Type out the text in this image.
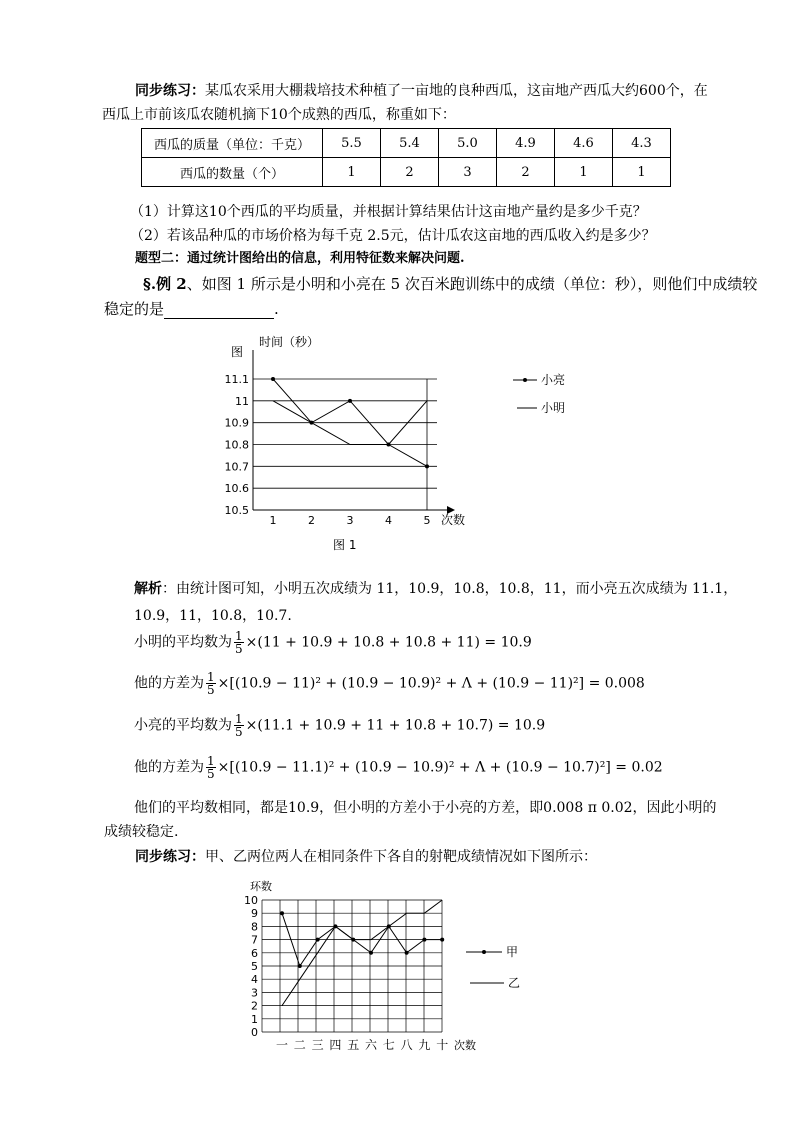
同步练习：某瓜农采用大棚栽培技术种植了一亩地的良种西瓜，这亩地产西瓜大约600个，在
西瓜上市前该瓜农随机摘下10个成熟的西瓜，称重如下：
西瓜的质量（单位：千克）	5.5	5.4	5.0	4.9	4.6	4.3
西瓜的数量（个）	1	2	3	2	1	1
（1）计算这10个西瓜的平均质量，并根据计算结果估计这亩地产量约是多少千克？
（2）若该品种瓜的市场价格为每千克 2.5元，估计瓜农这亩地的西瓜收入约是多少？
题型二：通过统计图给出的信息，利用特征数来解决问题.
§.例 2、如图 1 所示是小明和小亮在 5 次百米跑训练中的成绩（单位：秒），则他们中成绩较
稳定的是	.
图
时间（秒）
10.5
10.6
10.7
10.8
10.9
11
11.1
1	2	3	4	5 次数
图 1
小亮
小明
解析：由统计图可知，小明五次成绩为 11，10.9，10.8，10.8，11，而小亮五次成绩为 11.1，
10.9，11，10.8，10.7.
小明的平均数为 $\frac{1}{5} \times(11 + 10.9 + 10.8 + 10.8 + 11) = 10.9$
他的方差为 $\frac{1}{5} \times[(10.9 - 11)^2 + (10.9 - 10.9)^2 + \Lambda + (10.9 - 11)^2] = 0.008$
小亮的平均数为 $\frac{1}{5} \times(11.1 + 10.9 + 11 + 10.8 + 10.7) = 10.9$
他的方差为 $\frac{1}{5} \times[(10.9 - 11.1)^2 + (10.9 - 10.9)^2 + \Lambda + (10.9 - 10.7)^2] = 0.02$
他们的平均数相同，都是10.9，但小明的方差小于小亮的方差，即0.008 π 0.02，因此小明的
成绩较稳定.
同步练习：甲、乙两位两人在相同条件下各自的射靶成绩情况如下图所示：
环数
0
1
2
3
4
5
6
7
8
9
10
一 二 三 四 五 六 七 八 九 十 次数
甲
乙
